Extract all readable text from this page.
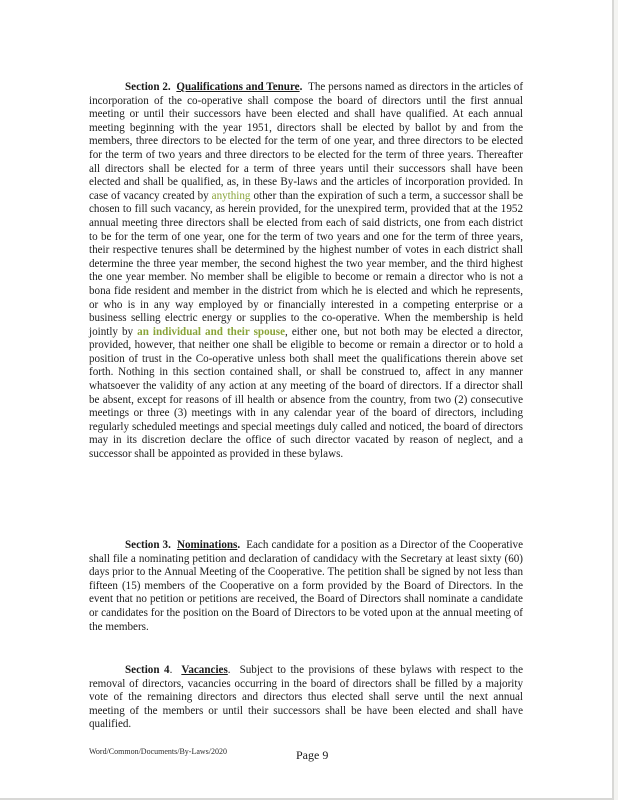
Section 2. Qualifications and Tenure. The persons named as directors in the articles of incorporation of the co-operative shall compose the board of directors until the first annual meeting or until their successors have been elected and shall have qualified. At each annual meeting beginning with the year 1951, directors shall be elected by ballot by and from the members, three directors to be elected for the term of one year, and three directors to be elected for the term of two years and three directors to be elected for the term of three years. Thereafter all directors shall be elected for a term of three years until their successors shall have been elected and shall be qualified, as, in these By-laws and the articles of incorporation provided. In case of vacancy created by anything other than the expiration of such a term, a successor shall be chosen to fill such vacancy, as herein provided, for the unexpired term, provided that at the 1952 annual meeting three directors shall be elected from each of said districts, one from each district to be for the term of one year, one for the term of two years and one for the term of three years, their respective tenures shall be determined by the highest number of votes in each district shall determine the three year member, the second highest the two year member, and the third highest the one year member. No member shall be eligible to become or remain a director who is not a bona fide resident and member in the district from which he is elected and which he represents, or who is in any way employed by or financially interested in a competing enterprise or a business selling electric energy or supplies to the co-operative. When the membership is held jointly by an individual and their spouse, either one, but not both may be elected a director, provided, however, that neither one shall be eligible to become or remain a director or to hold a position of trust in the Co-operative unless both shall meet the qualifications therein above set forth. Nothing in this section contained shall, or shall be construed to, affect in any manner whatsoever the validity of any action at any meeting of the board of directors. If a director shall be absent, except for reasons of ill health or absence from the country, from two (2) consecutive meetings or three (3) meetings with in any calendar year of the board of directors, including regularly scheduled meetings and special meetings duly called and noticed, the board of directors may in its discretion declare the office of such director vacated by reason of neglect, and a successor shall be appointed as provided in these bylaws.
Section 3. Nominations. Each candidate for a position as a Director of the Cooperative shall file a nominating petition and declaration of candidacy with the Secretary at least sixty (60) days prior to the Annual Meeting of the Cooperative. The petition shall be signed by not less than fifteen (15) members of the Cooperative on a form provided by the Board of Directors. In the event that no petition or petitions are received, the Board of Directors shall nominate a candidate or candidates for the position on the Board of Directors to be voted upon at the annual meeting of the members.
Section 4.  Vacancies. Subject to the provisions of these bylaws with respect to the removal of directors, vacancies occurring in the board of directors shall be filled by a majority vote of the remaining directors and directors thus elected shall serve until the next annual meeting of the members or until their successors shall be have been elected and shall have qualified.
Word/Common/Documents/By-Laws/2020	Page 9
